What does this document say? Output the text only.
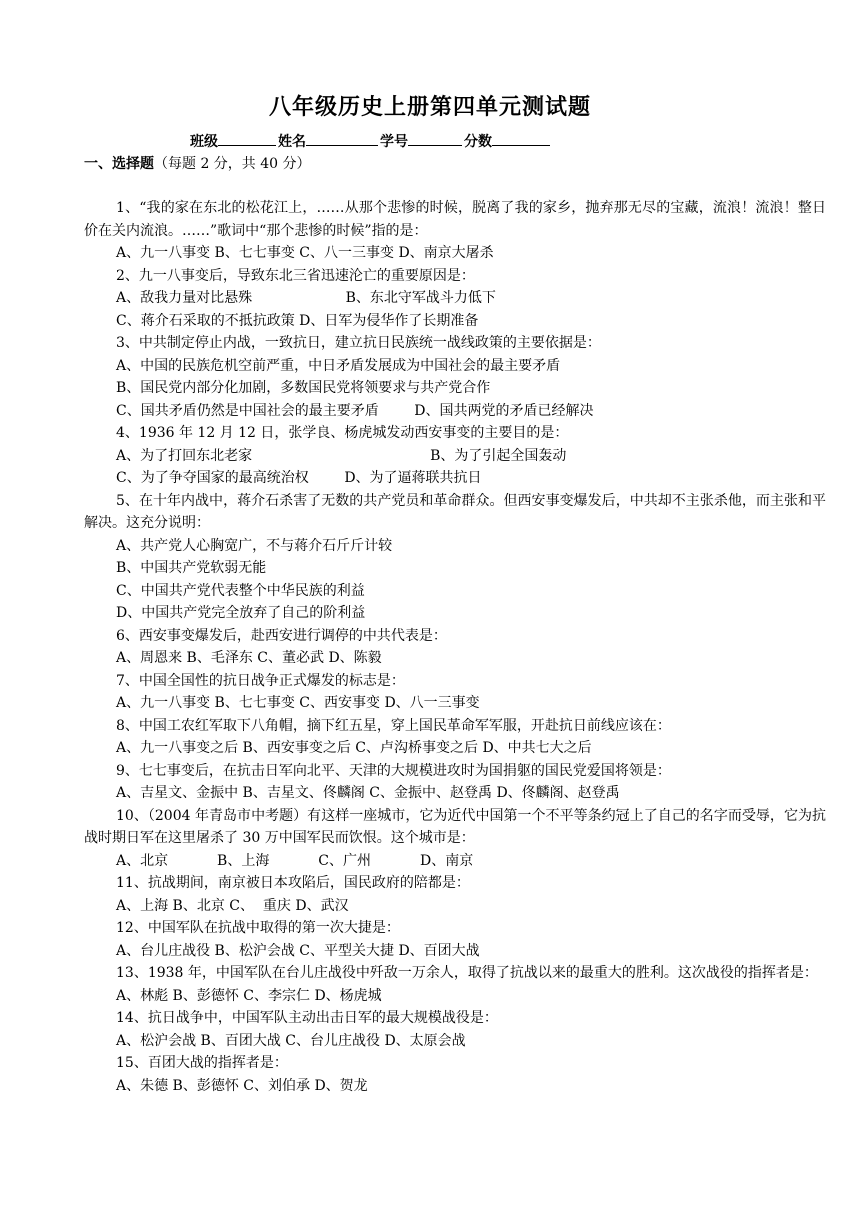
八年级历史上册第四单元测试题
班级	姓名	学号	分数
一、选择题（每题 2 分，共 40 分）

1、“我的家在东北的松花江上，……从那个悲惨的时候，脱离了我的家乡，抛弃那无尽的宝藏，流浪！流浪！整日价在关内流浪。……”歌词中“那个悲惨的时候”指的是：

A、九一八事变 B、七七事变 C、八一三事变 D、南京大屠杀

2、九一八事变后，导致东北三省迅速沦亡的重要原因是：

A、敌我力量对比悬殊                     B、东北守军战斗力低下

C、蒋介石采取的不抵抗政策 D、日军为侵华作了长期准备

3、中共制定停止内战，一致抗日，建立抗日民族统一战线政策的主要依据是：

A、中国的民族危机空前严重，中日矛盾发展成为中国社会的最主要矛盾

B、国民党内部分化加剧，多数国民党将领要求与共产党合作

C、国共矛盾仍然是中国社会的最主要矛盾        D、国共两党的矛盾已经解决

4、1936 年 12 月 12 日，张学良、杨虎城发动西安事变的主要目的是：

A、为了打回东北老家                                        B、为了引起全国轰动

C、为了争夺国家的最高统治权        D、为了逼蒋联共抗日

5、在十年内战中，蒋介石杀害了无数的共产党员和革命群众。但西安事变爆发后，中共却不主张杀他，而主张和平解决。这充分说明：

A、共产党人心胸宽广，不与蒋介石斤斤计较

B、中国共产党软弱无能

C、中国共产党代表整个中华民族的利益

D、中国共产党完全放弃了自己的阶利益

6、西安事变爆发后，赴西安进行调停的中共代表是：

A、周恩来 B、毛泽东 C、董必武 D、陈毅

7、中国全国性的抗日战争正式爆发的标志是：

A、九一八事变 B、七七事变 C、西安事变 D、八一三事变

8、中国工农红军取下八角帽，摘下红五星，穿上国民革命军军服，开赴抗日前线应该在：

A、九一八事变之后 B、西安事变之后 C、卢沟桥事变之后 D、中共七大之后

9、七七事变后，在抗击日军向北平、天津的大规模进攻时为国捐躯的国民党爱国将领是：

A、吉星文、金振中 B、吉星文、佟麟阁 C、金振中、赵登禹 D、佟麟阁、赵登禹

10、（2004 年青岛市中考题）有这样一座城市，它为近代中国第一个不平等条约冠上了自己的名字而受辱，它为抗战时期日军在这里屠杀了 30 万中国军民而饮恨。这个城市是：

A、北京           B、上海           C、广州           D、南京

11、抗战期间，南京被日本攻陷后，国民政府的陪都是：

A、上海 B、北京 C、  重庆 D、武汉

12、中国军队在抗战中取得的第一次大捷是：

A、台儿庄战役 B、松沪会战 C、平型关大捷 D、百团大战

13、1938 年，中国军队在台儿庄战役中歼敌一万余人，取得了抗战以来的最重大的胜利。这次战役的指挥者是：

A、林彪 B、彭德怀 C、李宗仁 D、杨虎城

14、抗日战争中，中国军队主动出击日军的最大规模战役是：

A、松沪会战 B、百团大战 C、台儿庄战役 D、太原会战

15、百团大战的指挥者是：

A、朱德 B、彭德怀 C、刘伯承 D、贺龙
